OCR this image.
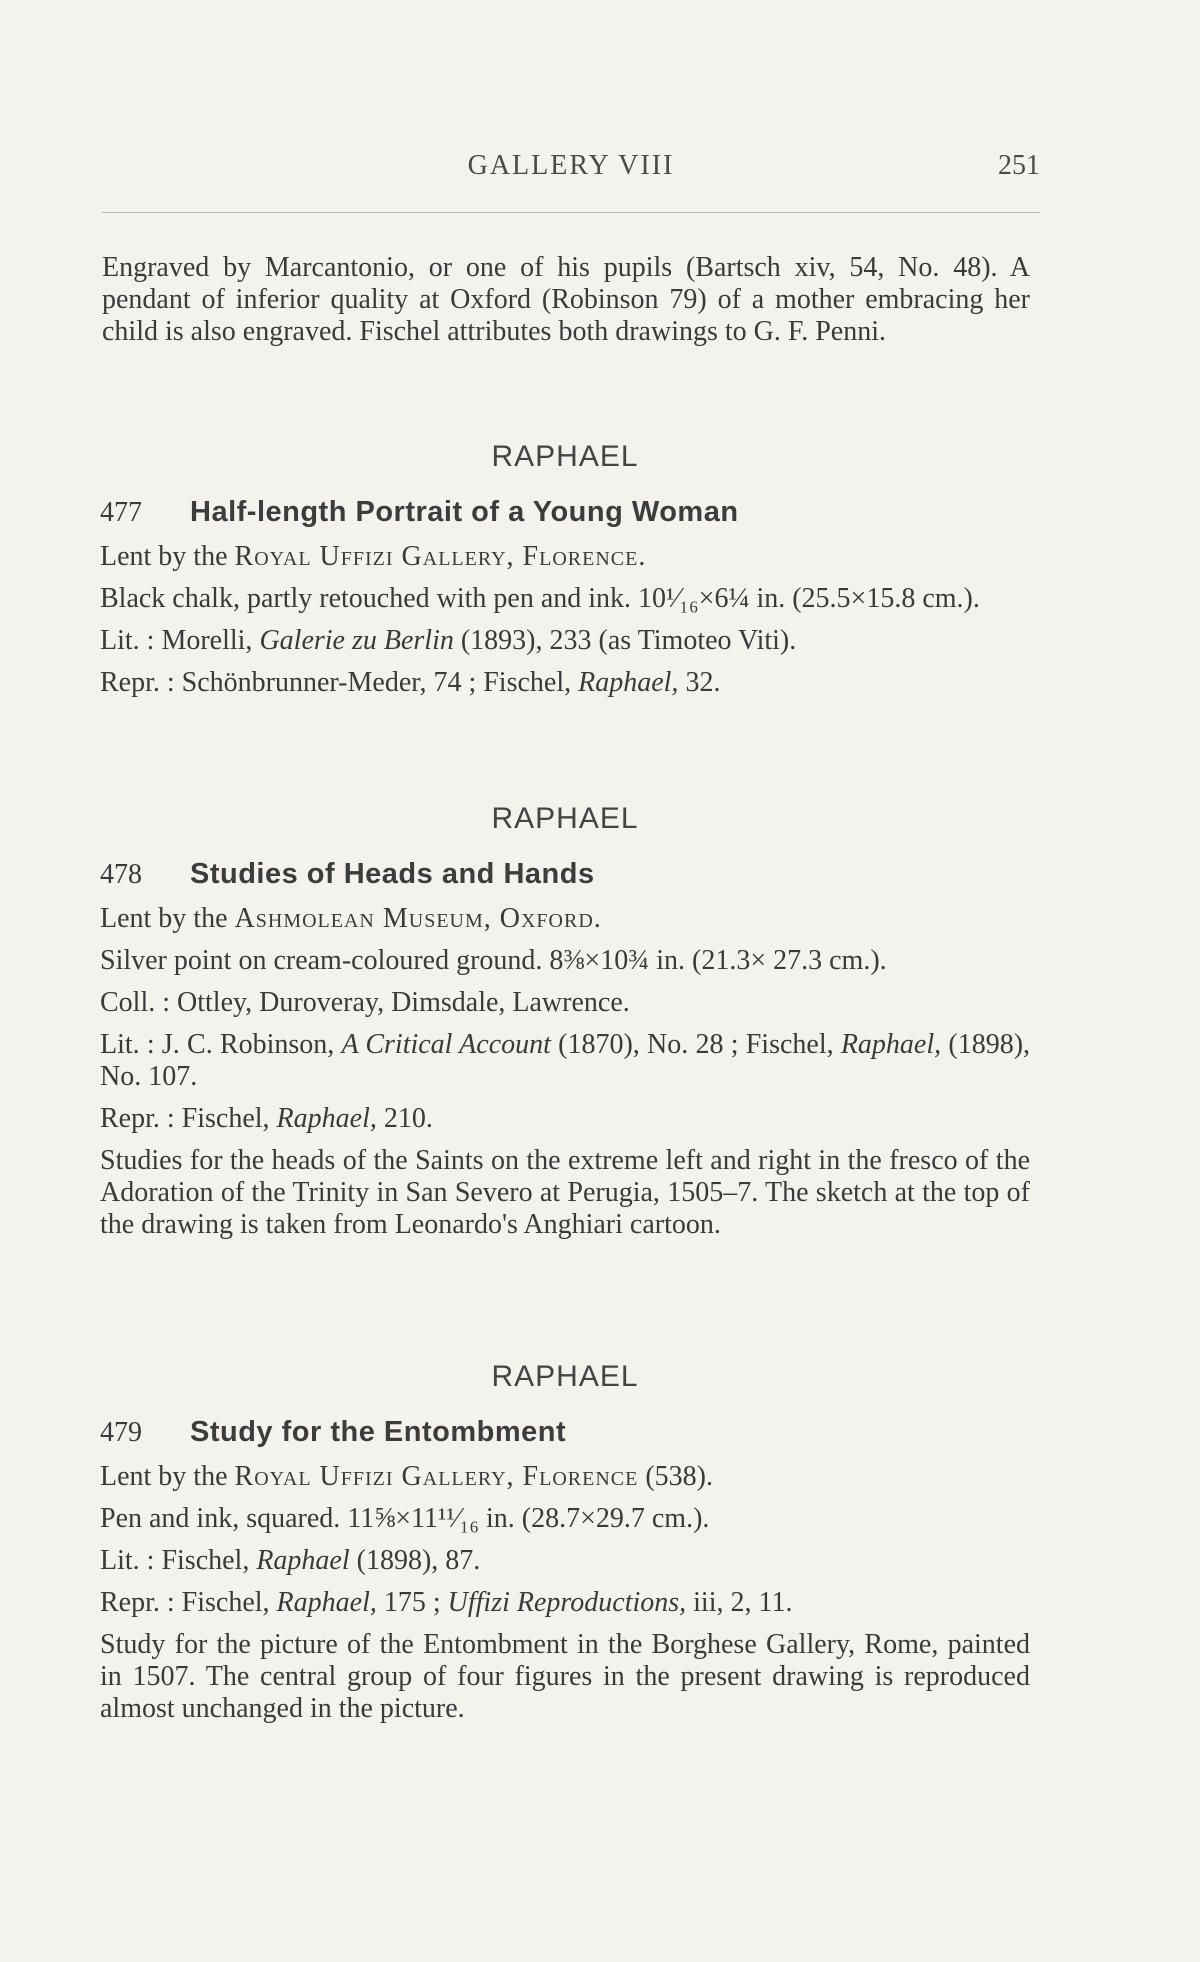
GALLERY VIII	251

Engraved by Marcantonio, or one of his pupils (Bartsch xiv, 54, No. 48). A pendant of inferior quality at Oxford (Robinson 79) of a mother embracing her child is also engraved. Fischel attributes both drawings to G. F. Penni.

RAPHAEL
477	Half-length Portrait of a Young Woman

Lent by the Royal Uffizi Gallery, Florence.

Black chalk, partly retouched with pen and ink. 10¹⁄₁₆×6¼ in. (25.5×15.8 cm.).

Lit. : Morelli, Galerie zu Berlin (1893), 233 (as Timoteo Viti).

Repr. : Schönbrunner-Meder, 74 ; Fischel, Raphael, 32.

RAPHAEL
478	Studies of Heads and Hands

Lent by the Ashmolean Museum, Oxford.

Silver point on cream-coloured ground. 8⅜×10¾ in. (21.3× 27.3 cm.).

Coll. : Ottley, Duroveray, Dimsdale, Lawrence.

Lit. : J. C. Robinson, A Critical Account (1870), No. 28 ; Fischel, Raphael, (1898), No. 107.

Repr. : Fischel, Raphael, 210.

Studies for the heads of the Saints on the extreme left and right in the fresco of the Adoration of the Trinity in San Severo at Perugia, 1505–7. The sketch at the top of the drawing is taken from Leonardo's Anghiari cartoon.

RAPHAEL
479	Study for the Entombment

Lent by the Royal Uffizi Gallery, Florence (538).

Pen and ink, squared. 11⅝×11¹¹⁄₁₆ in. (28.7×29.7 cm.).

Lit. : Fischel, Raphael (1898), 87.

Repr. : Fischel, Raphael, 175 ; Uffizi Reproductions, iii, 2, 11.

Study for the picture of the Entombment in the Borghese Gallery, Rome, painted in 1507. The central group of four figures in the present drawing is reproduced almost unchanged in the picture.
